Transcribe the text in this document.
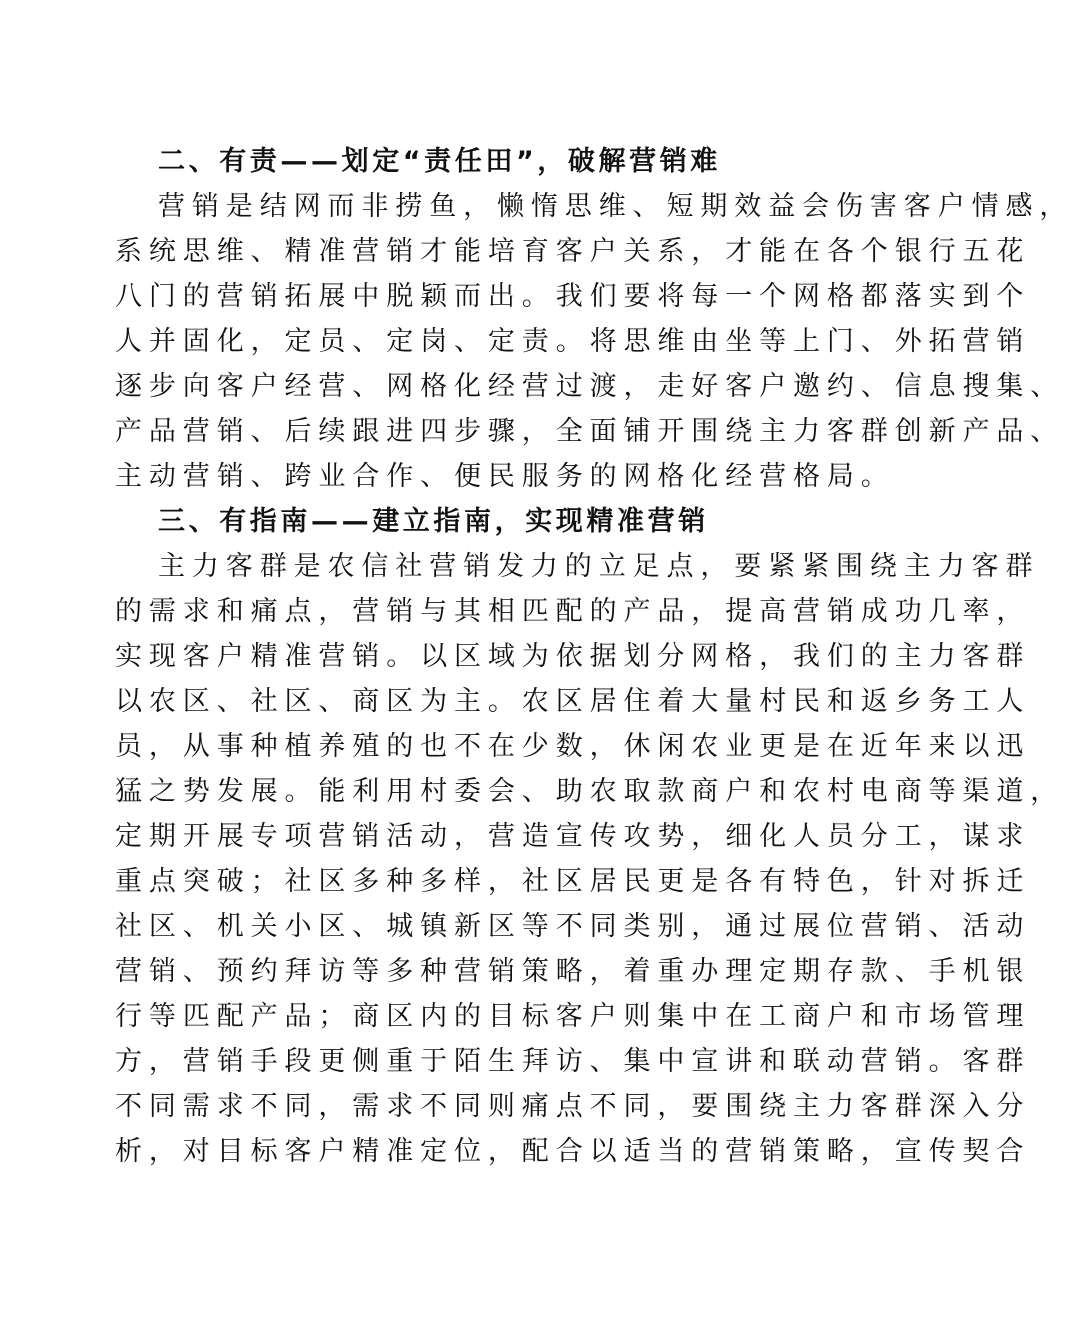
二、有责——划定“责任田”，破解营销难
营销是结网而非捞鱼，懒惰思维、短期效益会伤害客户情感，
系统思维、精准营销才能培育客户关系，才能在各个银行五花
八门的营销拓展中脱颖而出。我们要将每一个网格都落实到个
人并固化，定员、定岗、定责。将思维由坐等上门、外拓营销
逐步向客户经营、网格化经营过渡，走好客户邀约、信息搜集、
产品营销、后续跟进四步骤，全面铺开围绕主力客群创新产品、
主动营销、跨业合作、便民服务的网格化经营格局。
三、有指南——建立指南，实现精准营销
主力客群是农信社营销发力的立足点，要紧紧围绕主力客群
的需求和痛点，营销与其相匹配的产品，提高营销成功几率，
实现客户精准营销。以区域为依据划分网格，我们的主力客群
以农区、社区、商区为主。农区居住着大量村民和返乡务工人
员，从事种植养殖的也不在少数，休闲农业更是在近年来以迅
猛之势发展。能利用村委会、助农取款商户和农村电商等渠道，
定期开展专项营销活动，营造宣传攻势，细化人员分工，谋求
重点突破；社区多种多样，社区居民更是各有特色，针对拆迁
社区、机关小区、城镇新区等不同类别，通过展位营销、活动
营销、预约拜访等多种营销策略，着重办理定期存款、手机银
行等匹配产品；商区内的目标客户则集中在工商户和市场管理
方，营销手段更侧重于陌生拜访、集中宣讲和联动营销。客群
不同需求不同，需求不同则痛点不同，要围绕主力客群深入分
析，对目标客户精准定位，配合以适当的营销策略，宣传契合
